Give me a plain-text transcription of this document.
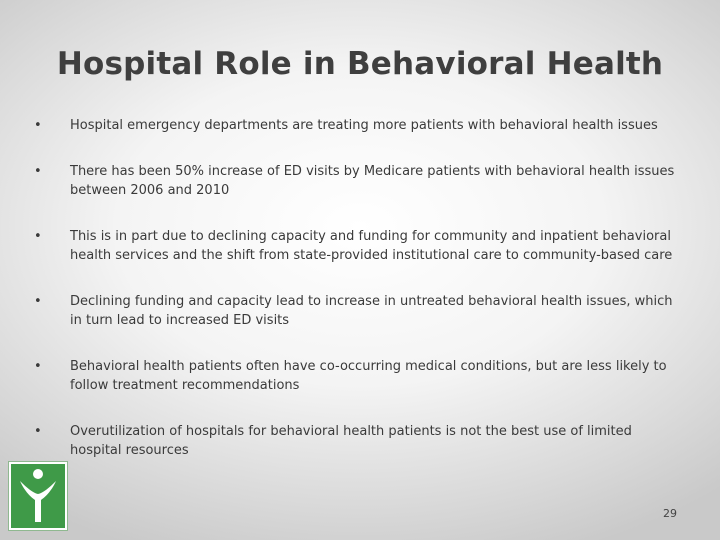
Hospital Role in Behavioral Health
•	Hospital emergency departments are treating more patients with behavioral health issues
•	There has been 50% increase of ED visits by Medicare patients with behavioral health issues between 2006 and 2010
•	This is in part due to declining capacity and funding for community and inpatient behavioral health services and the shift from state-provided institutional care to community-based care
•	Declining funding and capacity lead to increase in untreated behavioral health issues, which in turn lead to increased ED visits
•	Behavioral health patients often have co-occurring medical conditions, but are less likely to follow treatment recommendations
•	Overutilization of hospitals for behavioral health patients is not the best use of limited hospital resources
29
